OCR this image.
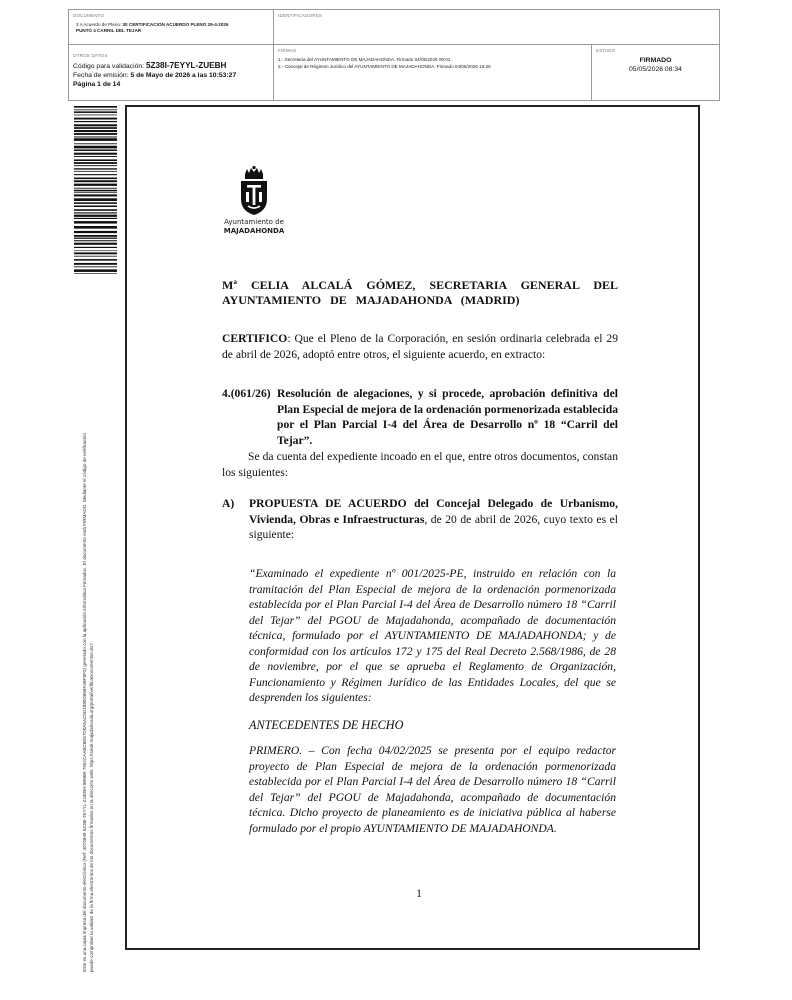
DOCUMENTO
3 A Acuerdo de Pleno: 30 CERTIFICACION ACUERDO PLENO 29-4-2026
PUNTO 4 CARRIL DEL TEJAR
IDENTIFICADORES
OTROS DATOS
Código para validación: 5Z38I-7EYYL-ZUEBH
Fecha de emisión: 5 de Mayo de 2026 a las 10:53:27
Página 1 de 14
FIRMAS
1.- Secretaria del AYUNTAMIENTO DE MAJADAHONDA. Firmado 04/05/2026 09:01
2.- Concejal de Régimen Jurídico del AYUNTAMIENTO DE MAJADAHONDA. Firmado 04/05/2026 15:25
ESTADO
FIRMADO
05/05/2026 08:34
Este es una copia impresa del documento electrónico (Ref: 4074949 5Z38I-7EYYL-ZUEBH 9B9B9 7952CAABC8E57D0A5AC5D1890D868F4BF8F3) generado con la aplicación informática Firmadoc. El documento está FIRMADO. Mediante el código de verificación puede comprobar la validez de la firma electrónica de los documentos firmados en la dirección web: https://sede.majadahonda.org/portal/verificaDocumentos.do?
Ayuntamiento de
MAJADAHONDA
Mª CELIA ALCALÁ GÓMEZ, SECRETARIA GENERAL DEL AYUNTAMIENTO DE MAJADAHONDA (MADRID)
CERTIFICO: Que el Pleno de la Corporación, en sesión ordinaria celebrada el 29 de abril de 2026, adoptó entre otros, el siguiente acuerdo, en extracto:
4.(061/26) Resolución de alegaciones, y si procede, aprobación definitiva del Plan Especial de mejora de la ordenación pormenorizada establecida por el Plan Parcial I-4 del Área de Desarrollo nº 18 “Carril del Tejar”.
Se da cuenta del expediente incoado en el que, entre otros documentos, constan los siguientes:
A) PROPUESTA DE ACUERDO del Concejal Delegado de Urbanismo, Vivienda, Obras e Infraestructuras, de 20 de abril de 2026, cuyo texto es el siguiente:
“Examinado el expediente nº 001/2025-PE, instruido en relación con la tramitación del Plan Especial de mejora de la ordenación pormenorizada establecida por el Plan Parcial I-4 del Área de Desarrollo número 18 “Carril del Tejar” del PGOU de Majadahonda, acompañado de documentación técnica, formulado por el AYUNTAMIENTO DE MAJADAHONDA; y de conformidad con los artículos 172 y 175 del Real Decreto 2.568/1986, de 28 de noviembre, por el que se aprueba el Reglamento de Organización, Funcionamiento y Régimen Jurídico de las Entidades Locales, del que se desprenden los siguientes:
ANTECEDENTES DE HECHO
PRIMERO. – Con fecha 04/02/2025 se presenta por el equipo redactor proyecto de Plan Especial de mejora de la ordenación pormenorizada establecida por el Plan Parcial I-4 del Área de Desarrollo número 18 “Carril del Tejar” del PGOU de Majadahonda, acompañado de documentación técnica. Dicho proyecto de planeamiento es de iniciativa pública al haberse formulado por el propio AYUNTAMIENTO DE MAJADAHONDA.
1
